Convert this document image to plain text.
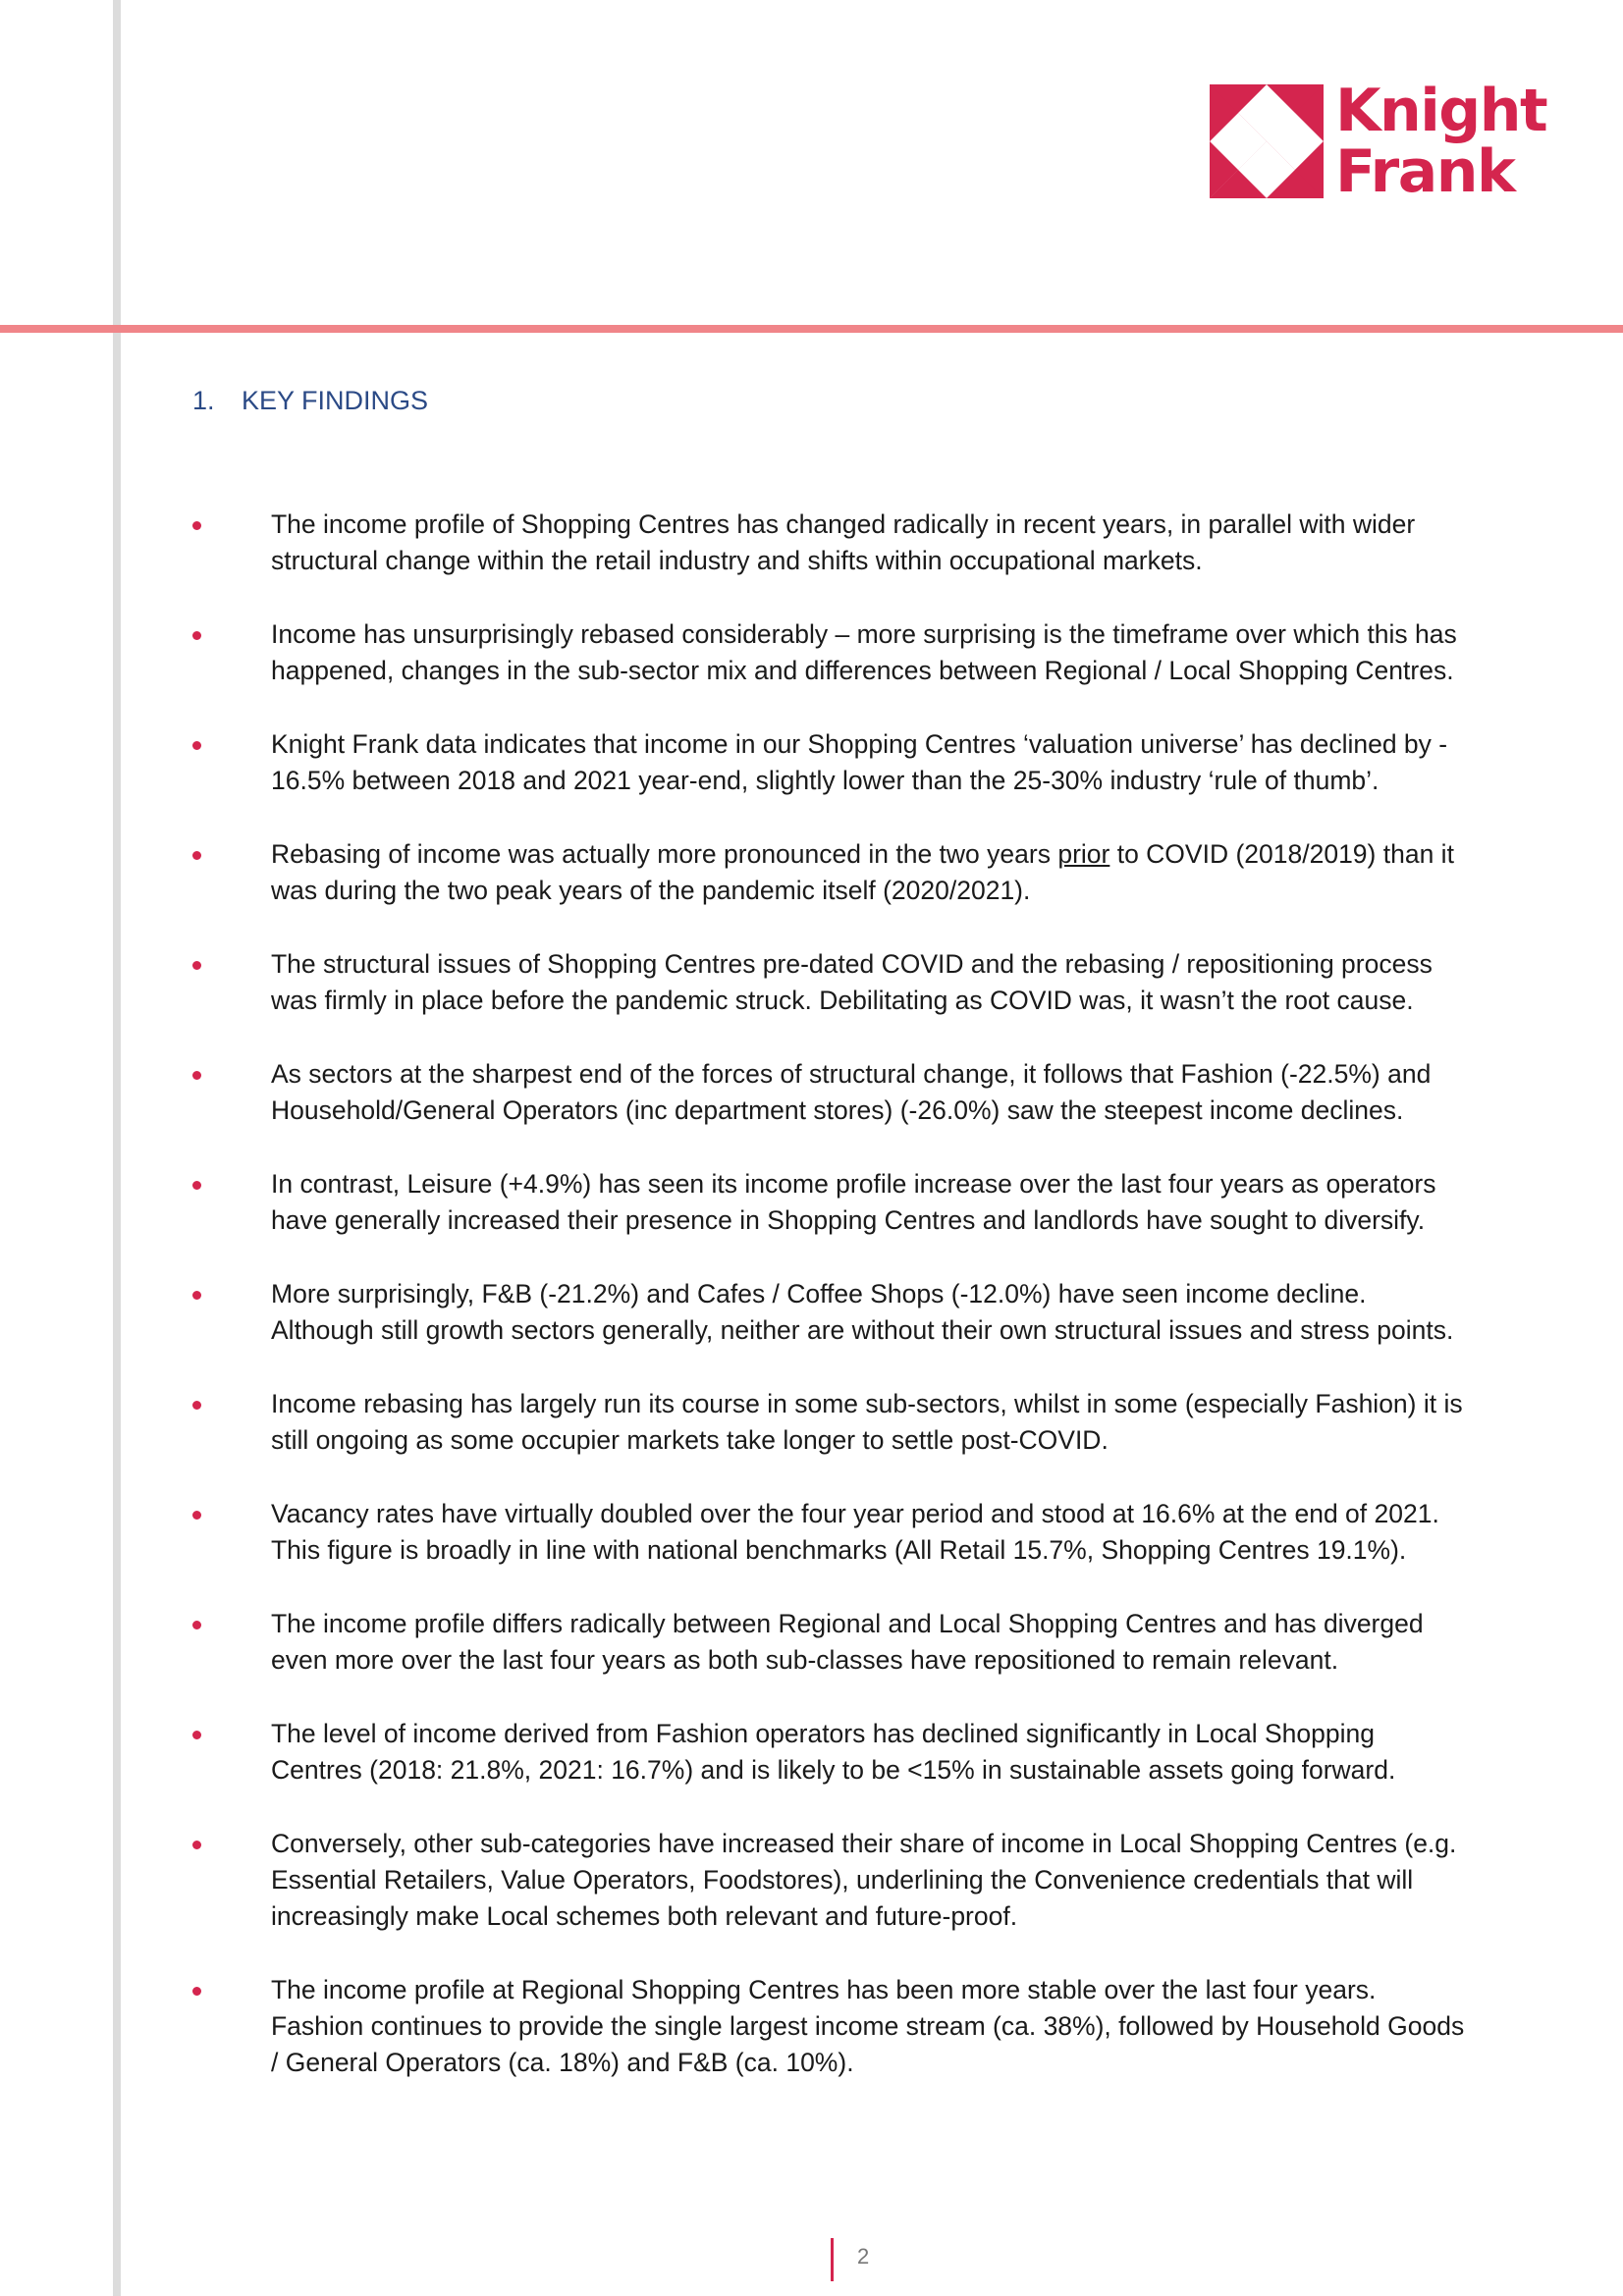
Knight
Frank
1. KEY FINDINGS
The income profile of Shopping Centres has changed radically in recent years, in parallel with wider
structural change within the retail industry and shifts within occupational markets.
Income has unsurprisingly rebased considerably – more surprising is the timeframe over which this has
happened, changes in the sub-sector mix and differences between Regional / Local Shopping Centres.
Knight Frank data indicates that income in our Shopping Centres ‘valuation universe’ has declined by -
16.5% between 2018 and 2021 year-end, slightly lower than the 25-30% industry ‘rule of thumb’.
Rebasing of income was actually more pronounced in the two years prior to COVID (2018/2019) than it
was during the two peak years of the pandemic itself (2020/2021).
The structural issues of Shopping Centres pre-dated COVID and the rebasing / repositioning process
was firmly in place before the pandemic struck. Debilitating as COVID was, it wasn’t the root cause.
As sectors at the sharpest end of the forces of structural change, it follows that Fashion (-22.5%) and
Household/General Operators (inc department stores) (-26.0%) saw the steepest income declines.
In contrast, Leisure (+4.9%) has seen its income profile increase over the last four years as operators
have generally increased their presence in Shopping Centres and landlords have sought to diversify.
More surprisingly, F&B (-21.2%) and Cafes / Coffee Shops (-12.0%) have seen income decline.
Although still growth sectors generally, neither are without their own structural issues and stress points.
Income rebasing has largely run its course in some sub-sectors, whilst in some (especially Fashion) it is
still ongoing as some occupier markets take longer to settle post-COVID.
Vacancy rates have virtually doubled over the four year period and stood at 16.6% at the end of 2021.
This figure is broadly in line with national benchmarks (All Retail 15.7%, Shopping Centres 19.1%).
The income profile differs radically between Regional and Local Shopping Centres and has diverged
even more over the last four years as both sub-classes have repositioned to remain relevant.
The level of income derived from Fashion operators has declined significantly in Local Shopping
Centres (2018: 21.8%, 2021: 16.7%) and is likely to be <15% in sustainable assets going forward.
Conversely, other sub-categories have increased their share of income in Local Shopping Centres (e.g.
Essential Retailers, Value Operators, Foodstores), underlining the Convenience credentials that will
increasingly make Local schemes both relevant and future-proof.
The income profile at Regional Shopping Centres has been more stable over the last four years.
Fashion continues to provide the single largest income stream (ca. 38%), followed by Household Goods
/ General Operators (ca. 18%) and F&B (ca. 10%).
2
